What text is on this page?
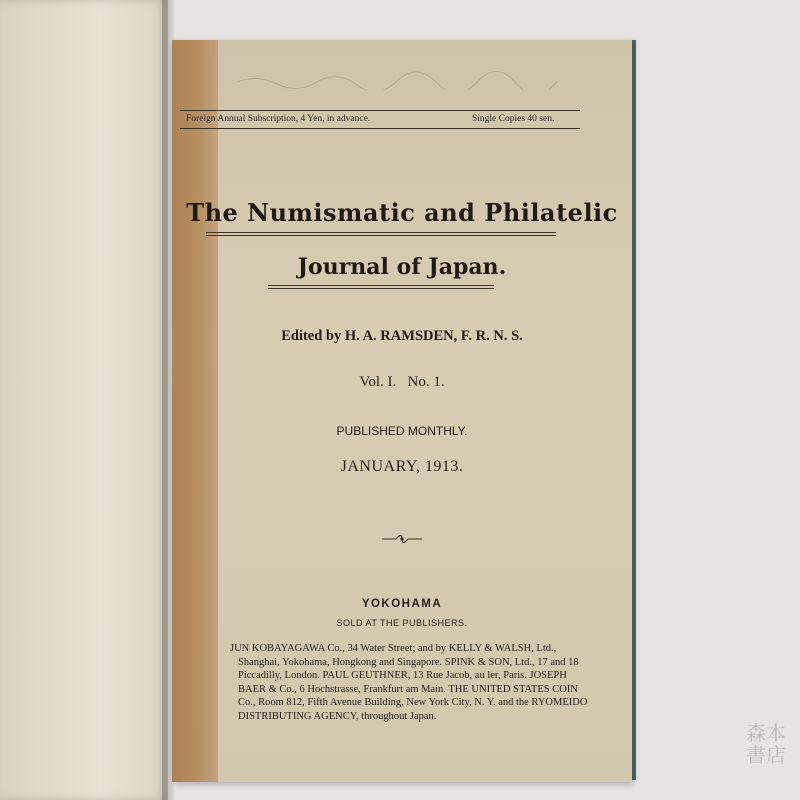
Foreign Annual Subscription, 4 Yen, in advance.	Single Copies 40 sen.
The Numismatic and Philatelic
Journal of Japan.
Edited by H. A. RAMSDEN, F. R. N. S.
Vol. I.   No. 1.
PUBLISHED MONTHLY.
JANUARY, 1913.
YOKOHAMA
SOLD AT THE PUBLISHERS.
JUN KOBAYAGAWA Co., 34 Water Street; and by KELLY & WALSH, Ltd.,
Shanghai, Yokohama, Hongkong and Singapore. SPINK & SON, Ltd., 17 and 18
Piccadilly, London. PAUL GEUTHNER, 13 Rue Jacob, au ler, Paris. JOSEPH
BAER & Co., 6 Hochstrasse, Frankfurt am Main. THE UNITED STATES COIN
Co., Room 812, Fifth Avenue Building, New York City, N. Y. and the RYOMEIDO
DISTRIBUTING AGENCY, throughout Japan.
森本
書店
